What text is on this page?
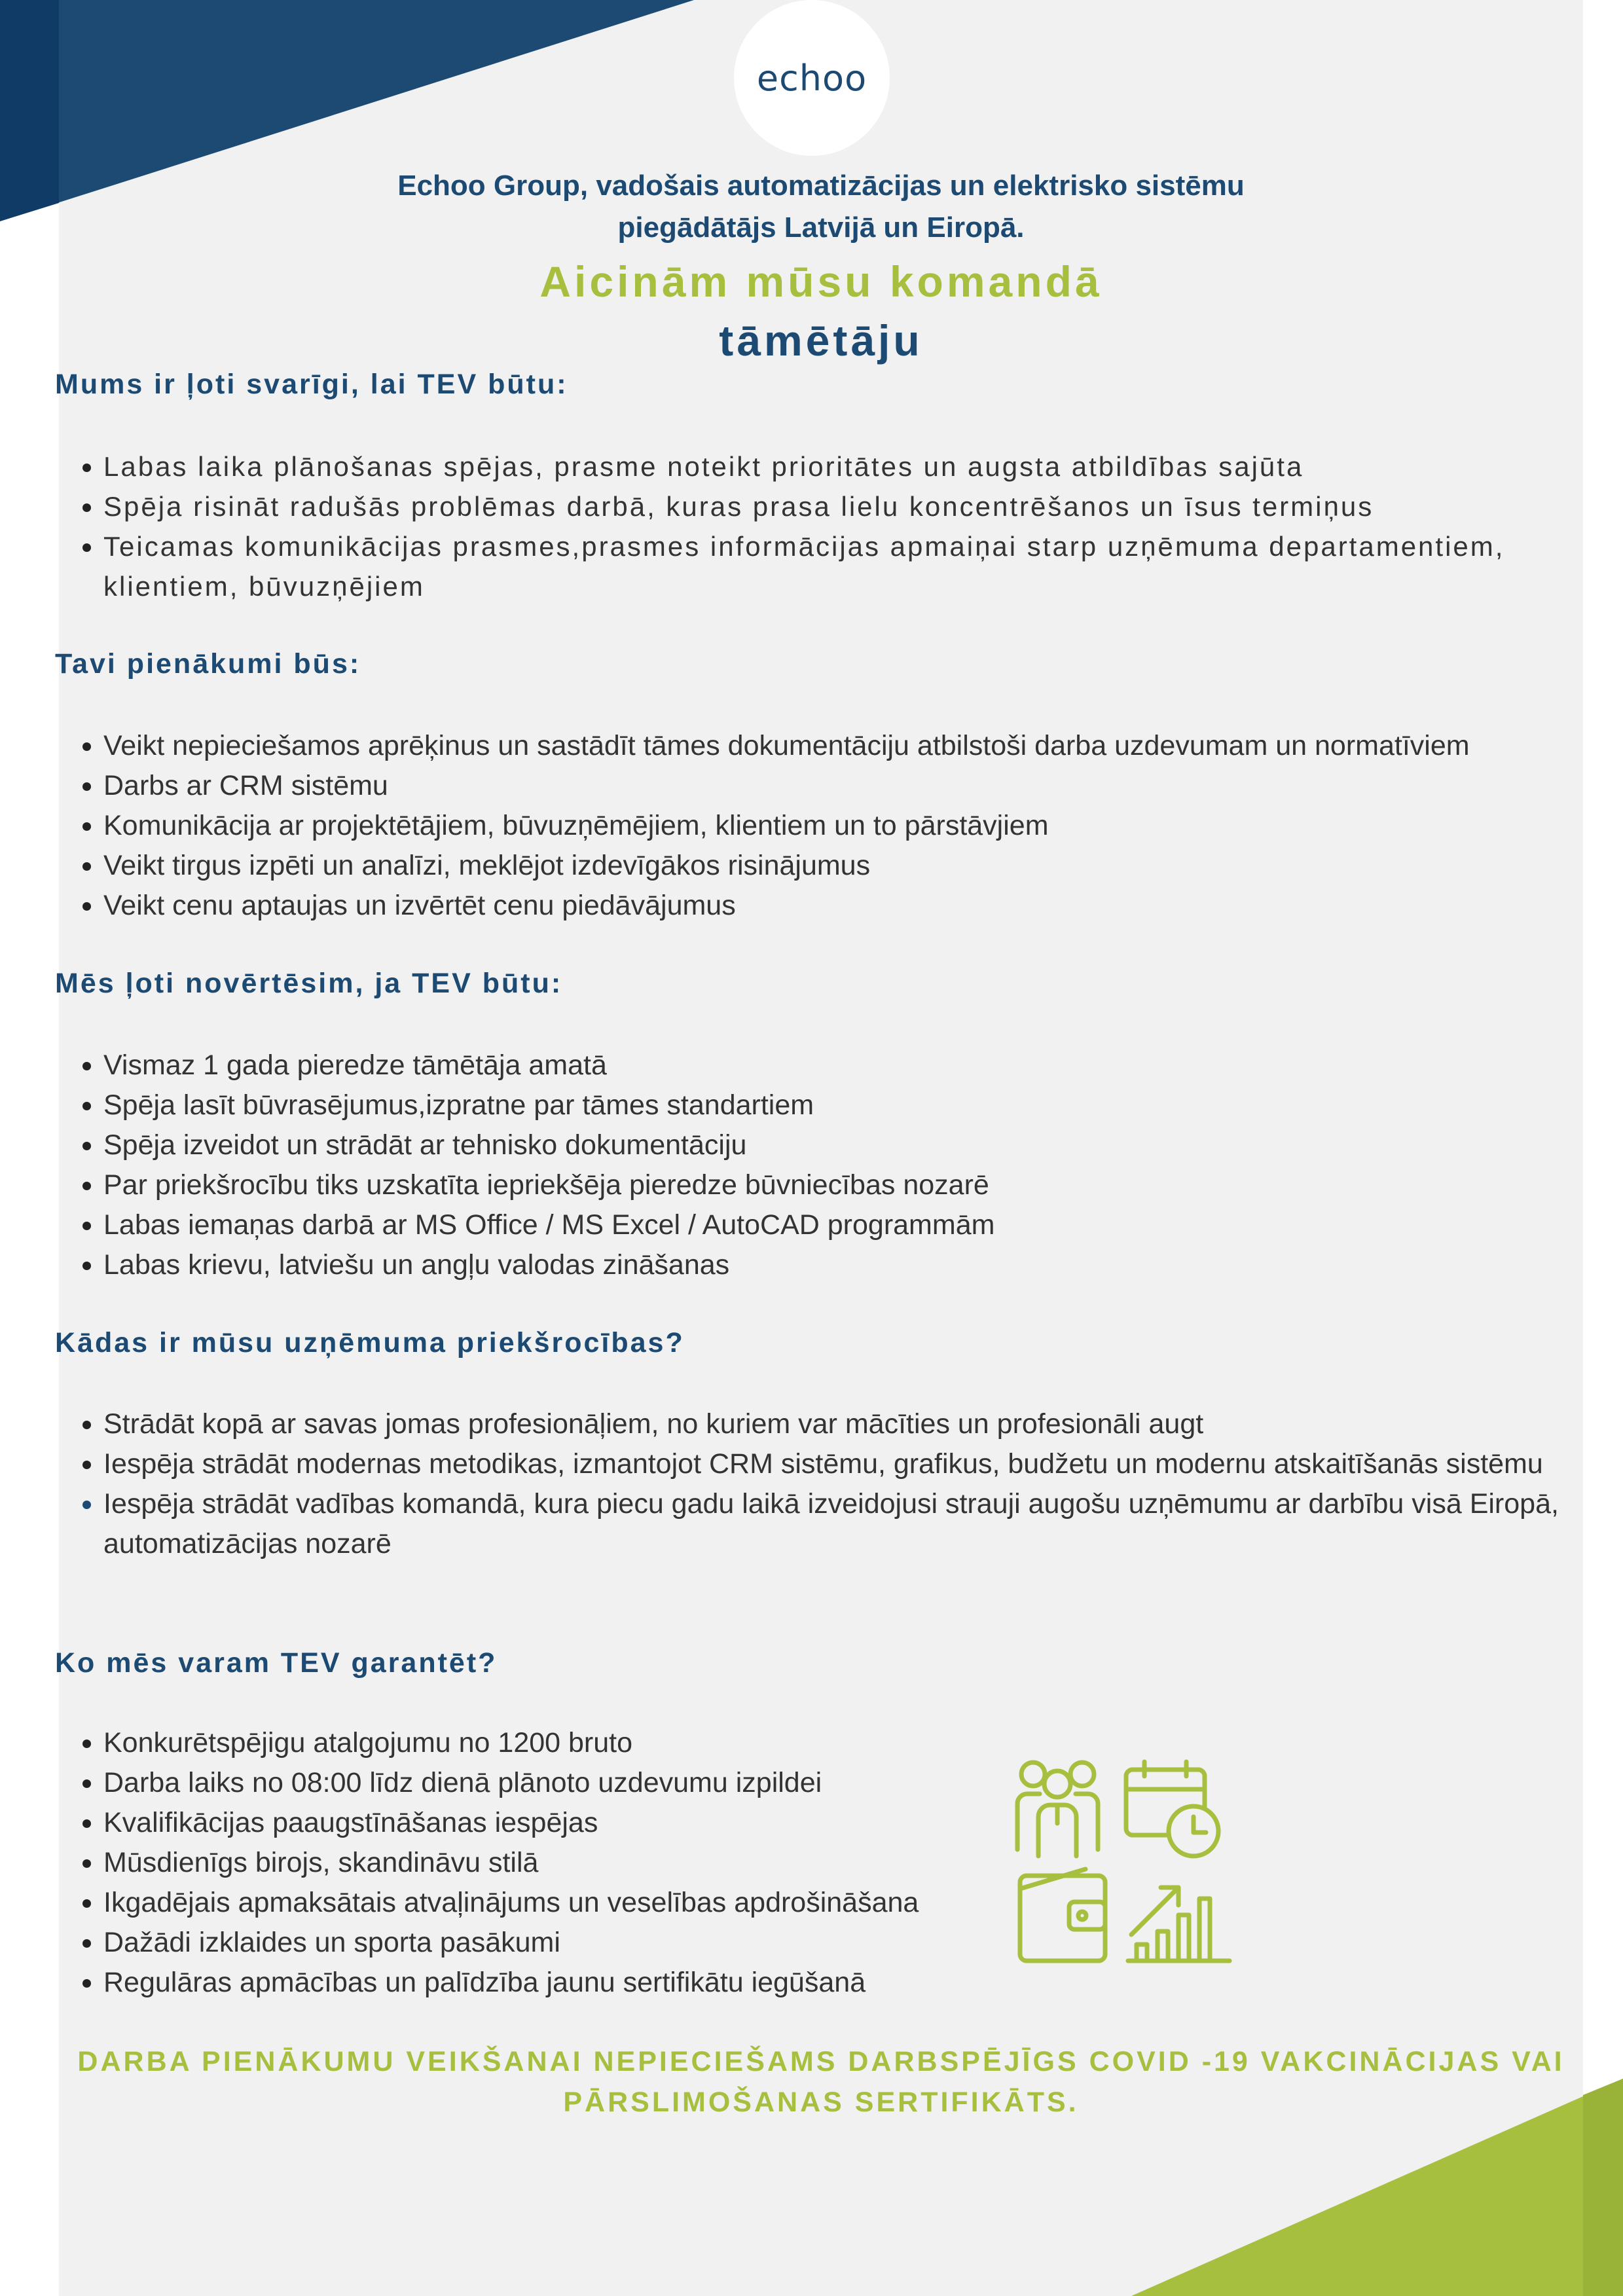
echoo
Echoo Group, vadošais automatizācijas un elektrisko sistēmu
piegādātājs Latvijā un Eiropā.
Aicinām mūsu komandā
tāmētāju
Mums ir ļoti svarīgi, lai TEV būtu:
• Labas laika plānošanas spējas, prasme noteikt prioritātes un augsta atbildības sajūta
• Spēja risināt radušās problēmas darbā, kuras prasa lielu koncentrēšanos un īsus termiņus
• Teicamas komunikācijas prasmes,prasmes informācijas apmaiņai starp uzņēmuma departamentiem, klientiem, būvuzņējiem
Tavi pienākumi būs:
• Veikt nepieciešamos aprēķinus un sastādīt tāmes dokumentāciju atbilstoši darba uzdevumam un normatīviem
• Darbs ar CRM sistēmu
• Komunikācija ar projektētājiem, būvuzņēmējiem, klientiem un to pārstāvjiem
• Veikt tirgus izpēti un analīzi, meklējot izdevīgākos risinājumus
• Veikt cenu aptaujas un izvērtēt cenu piedāvājumus
Mēs ļoti novērtēsim, ja TEV būtu:
• Vismaz 1 gada pieredze tāmētāja amatā
• Spēja lasīt būvrasējumus,izpratne par tāmes standartiem
• Spēja izveidot un strādāt ar tehnisko dokumentāciju
• Par priekšrocību tiks uzskatīta iepriekšēja pieredze būvniecības nozarē
• Labas iemaņas darbā ar MS Office / MS Excel / AutoCAD programmām
• Labas krievu, latviešu un angļu valodas zināšanas
Kādas ir mūsu uzņēmuma priekšrocības?
• Strādāt kopā ar savas jomas profesionāļiem, no kuriem var mācīties un profesionāli augt
• Iespēja strādāt modernas metodikas, izmantojot CRM sistēmu, grafikus, budžetu un modernu atskaitīšanās sistēmu
• Iespēja strādāt vadības komandā, kura piecu gadu laikā izveidojusi strauji augošu uzņēmumu ar darbību visā Eiropā, automatizācijas nozarē
Ko mēs varam TEV garantēt?
• Konkurētspējigu atalgojumu no 1200 bruto
• Darba laiks no 08:00 līdz dienā plānoto uzdevumu izpildei
• Kvalifikācijas paaugstīnāšanas iespējas
• Mūsdienīgs birojs, skandināvu stilā
• Ikgadējais apmaksātais atvaļinājums un veselības apdrošināšana
• Dažādi izklaides un sporta pasākumi
• Regulāras apmācības un palīdzība jaunu sertifikātu iegūšanā
DARBA PIENĀKUMU VEIKŠANAI NEPIECIEŠAMS DARBSPĒJĪGS COVID -19 VAKCINĀCIJAS VAI
PĀRSLIMOŠANAS SERTIFIKĀTS.
